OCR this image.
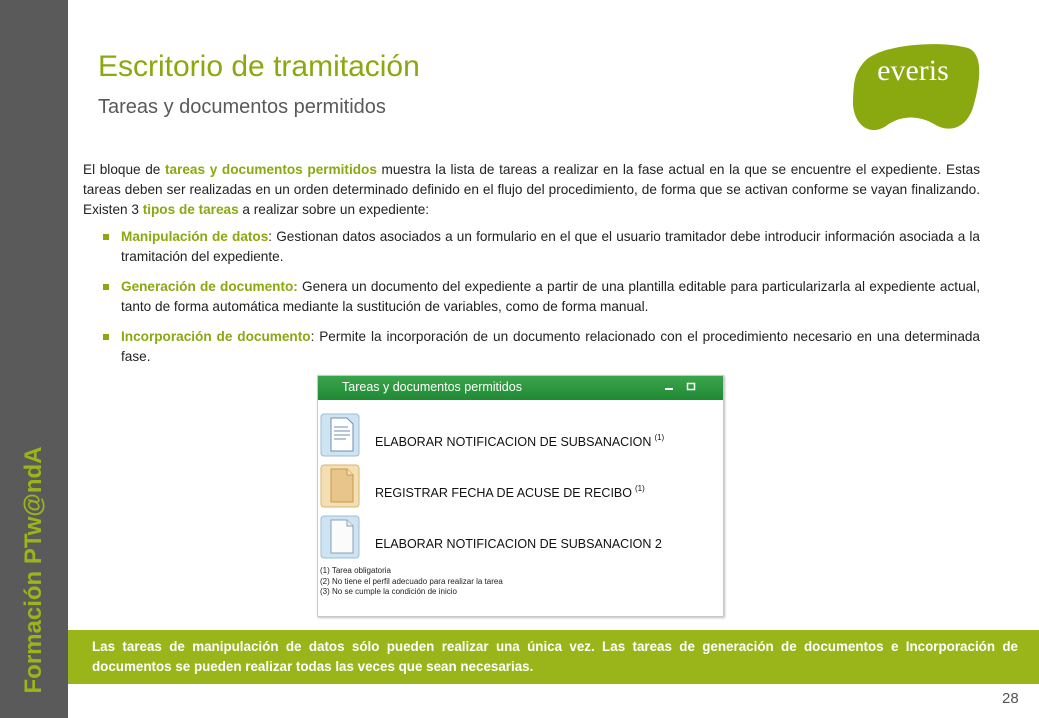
Formación PTw@ndA
Escritorio de tramitación
Tareas y documentos permitidos
everis
El bloque de tareas y documentos permitidos muestra la lista de tareas a realizar en la fase actual en la que se encuentre el expediente. Estas tareas deben ser realizadas en un orden determinado definido en el flujo del procedimiento, de forma que se activan conforme se vayan finalizando. Existen 3 tipos de tareas a realizar sobre un expediente:
Manipulación de datos: Gestionan datos asociados a un formulario en el que el usuario tramitador debe introducir información asociada a la tramitación del expediente.
Generación de documento: Genera un documento del expediente a partir de una plantilla editable para particularizarla al expediente actual, tanto de forma automática mediante la sustitución de variables, como de forma manual.
Incorporación de documento: Permite la incorporación de un documento relacionado con el procedimiento necesario en una determinada fase.
Tareas y documentos permitidos
ELABORAR NOTIFICACION DE SUBSANACION $^{(1)}$
REGISTRAR FECHA DE ACUSE DE RECIBO $^{(1)}$
ELABORAR NOTIFICACION DE SUBSANACION 2
(1) Tarea obligatoria
(2) No tiene el perfil adecuado para realizar la tarea
(3) No se cumple la condición de inicio
Las tareas de manipulación de datos sólo pueden realizar una única vez. Las tareas de generación de documentos e Incorporación de documentos se pueden realizar todas las veces que sean necesarias.
28
